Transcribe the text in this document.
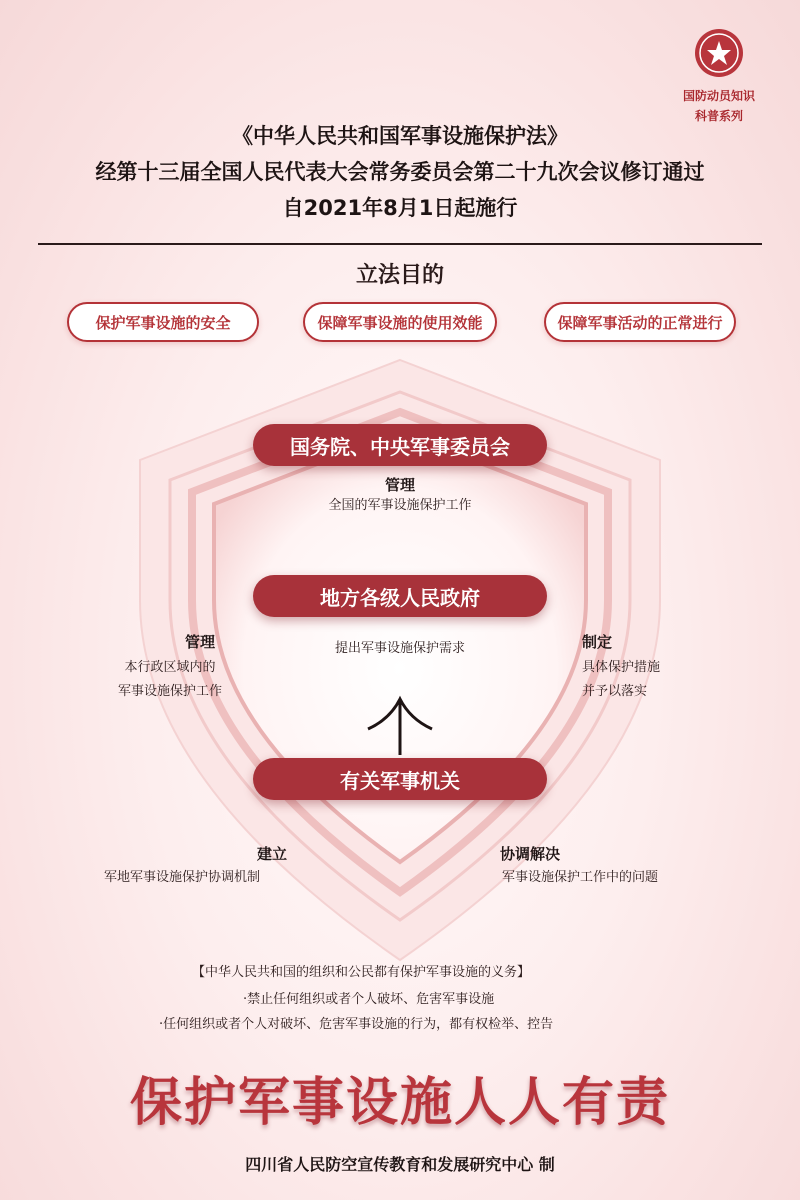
国防动员知识
科普系列
《中华人民共和国军事设施保护法》
经第十三届全国人民代表大会常务委员会第二十九次会议修订通过
自2021年8月1日起施行
立法目的
保护军事设施的安全	保障军事设施的使用效能	保障军事活动的正常进行
国务院、中央军事委员会
管理
全国的军事设施保护工作
地方各级人民政府
提出军事设施保护需求
管理
本行政区域内的
军事设施保护工作
制定
具体保护措施
并予以落实
有关军事机关
建立
军地军事设施保护协调机制
协调解决
军事设施保护工作中的问题
【中华人民共和国的组织和公民都有保护军事设施的义务】
·禁止任何组织或者个人破坏、危害军事设施
·任何组织或者个人对破坏、危害军事设施的行为，都有权检举、控告
保护军事设施人人有责
四川省人民防空宣传教育和发展研究中心 制
